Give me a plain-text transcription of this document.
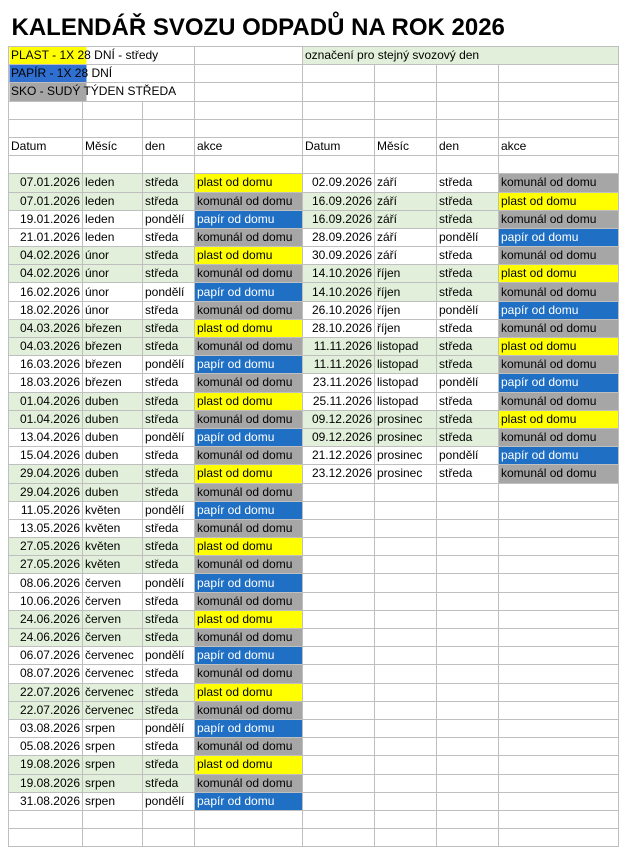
KALENDÁŘ SVOZU ODPADŮ NA ROK 2026							
PLAST - 1X 28 DNÍ - středy				označení pro stejný svozový den			
PAPÍR - 1X 28 DNÍ							
SKO - SUDÝ TÝDEN STŘEDA							

Datum	Měsíc	den	akce	Datum	Měsíc	den	akce

07.01.2026	leden	středa	plast od domu	02.09.2026	září	středa	komunál od domu
07.01.2026	leden	středa	komunál od domu	16.09.2026	září	středa	plast od domu
19.01.2026	leden	pondělí	papír od domu	16.09.2026	září	středa	komunál od domu
21.01.2026	leden	středa	komunál od domu	28.09.2026	září	pondělí	papír od domu
04.02.2026	únor	středa	plast od domu	30.09.2026	září	středa	komunál od domu
04.02.2026	únor	středa	komunál od domu	14.10.2026	říjen	středa	plast od domu
16.02.2026	únor	pondělí	papír od domu	14.10.2026	říjen	středa	komunál od domu
18.02.2026	únor	středa	komunál od domu	26.10.2026	říjen	pondělí	papír od domu
04.03.2026	březen	středa	plast od domu	28.10.2026	říjen	středa	komunál od domu
04.03.2026	březen	středa	komunál od domu	11.11.2026	listopad	středa	plast od domu
16.03.2026	březen	pondělí	papír od domu	11.11.2026	listopad	středa	komunál od domu
18.03.2026	březen	středa	komunál od domu	23.11.2026	listopad	pondělí	papír od domu
01.04.2026	duben	středa	plast od domu	25.11.2026	listopad	středa	komunál od domu
01.04.2026	duben	středa	komunál od domu	09.12.2026	prosinec	středa	plast od domu
13.04.2026	duben	pondělí	papír od domu	09.12.2026	prosinec	středa	komunál od domu
15.04.2026	duben	středa	komunál od domu	21.12.2026	prosinec	pondělí	papír od domu
29.04.2026	duben	středa	plast od domu	23.12.2026	prosinec	středa	komunál od domu
29.04.2026	duben	středa	komunál od domu				
11.05.2026	květen	pondělí	papír od domu				
13.05.2026	květen	středa	komunál od domu				
27.05.2026	květen	středa	plast od domu				
27.05.2026	květen	středa	komunál od domu				
08.06.2026	červen	pondělí	papír od domu				
10.06.2026	červen	středa	komunál od domu				
24.06.2026	červen	středa	plast od domu				
24.06.2026	červen	středa	komunál od domu				
06.07.2026	červenec	pondělí	papír od domu				
08.07.2026	červenec	středa	komunál od domu				
22.07.2026	červenec	středa	plast od domu				
22.07.2026	červenec	středa	komunál od domu				
03.08.2026	srpen	pondělí	papír od domu				
05.08.2026	srpen	středa	komunál od domu				
19.08.2026	srpen	středa	plast od domu				
19.08.2026	srpen	středa	komunál od domu				
31.08.2026	srpen	pondělí	papír od domu				
